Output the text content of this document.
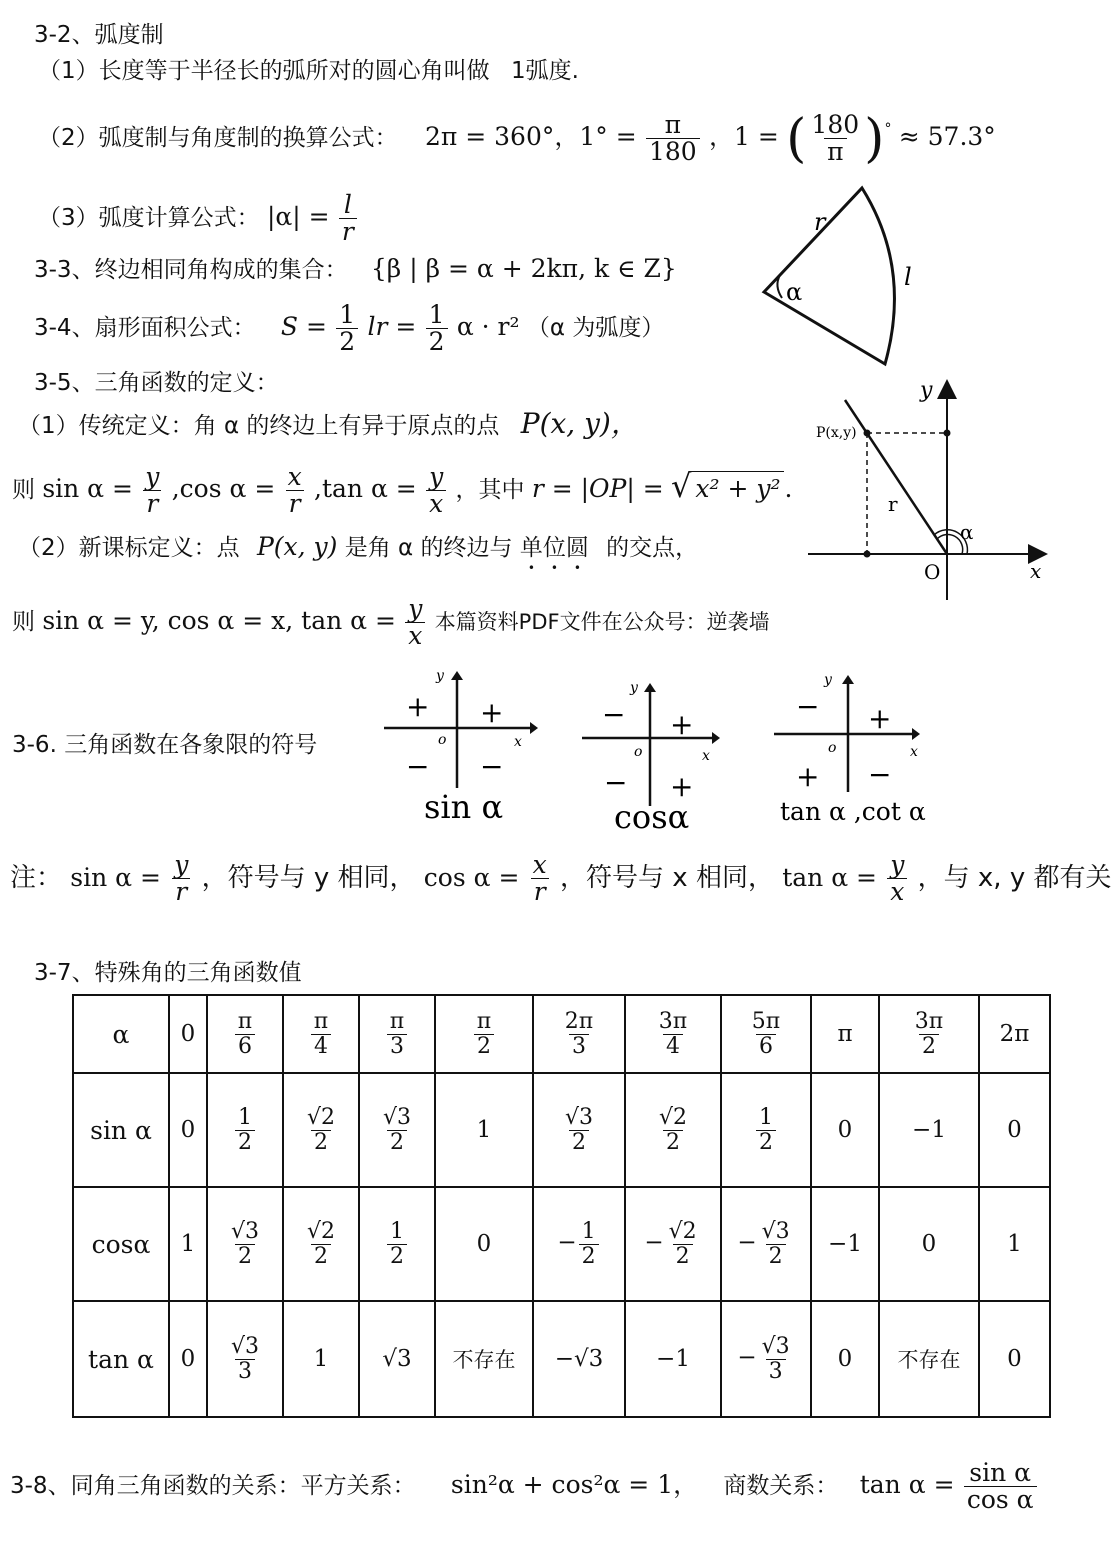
3-2、弧度制
（1）长度等于半径长的弧所对的圆心角叫做 1弧度.
（2）弧度制与角度制的换算公式： 2π = 360°，$1^\circ = \frac{\pi}{180}$ ，1 = ( $\frac{180}{\pi} )^\circ \approx 57.3^\circ$
（3）弧度计算公式： $|\alpha| = \frac{l}{r}$
3-3、终边相同角构成的集合： {β | β = α + 2kπ, k ∈ Z}
3-4、扇形面积公式： $S = \frac{1}{2}$ lr = $\frac{1}{2}$ α · r² （α 为弧度）
r
l
α
3-5、三角函数的定义：
（1）传统定义：角 α 的终边上有异于原点的点 P(x, y)，
则 $\sin \alpha = \frac{y}{r} ,\cos$ $\alpha = \frac{x}{r} ,\tan$ $\alpha = \frac{y}{x}$ ，其中 r = |OP| = √ x² + y² .
（2）新课标定义：点 P(x, y) 是角 α 的终边与 单位圆 的交点，
则 sin α = y, cos α = x, $\tan \alpha = \frac{y}{x}$ 本篇资料PDF文件在公众号：逆袭墙
P(x,y)
y
x
r
α
O
3-6. 三角函数在各象限的符号
+
+
− −
o	x
y
sin α
+
−
− +
o	x
y
cosα
+
−
+ −
o	x
y
tan α ,cot α
注： $\sin \alpha = \frac{y}{r}$ ，符号与 y 相同， $\cos \alpha = \frac{x}{r}$ ，符号与 x 相同， $\tan \alpha = \frac{y}{x}$ ，与 x, y 都有关
3-7、特殊角的三角函数值
α	0	$\frac{\pi}{6}$	$\frac{\pi}{4}$	$\frac{\pi}{3}$	$\frac{\pi}{2}$	$\frac{2\pi}{3}$	$\frac{3\pi}{4}$	$\frac{5\pi}{6}$	π	$\frac{3\pi}{2}$	2π
sin α	0	$\frac{1}{2}$	$\frac{√2}{2}$	$\frac{√3}{2}$	1	$\frac{√3}{2}$	$\frac{√2}{2}$	$\frac{1}{2}$	0	−1	0
cosα	1	$\frac{√3}{2}$	$\frac{√2}{2}$	$\frac{1}{2}$	0	− $\frac{1}{2}$	− $\frac{√2}{2}$	− $\frac{√3}{2}$	−1	0	1
tan α	0	$\frac{√3}{3}$	1	√3	不存在	−√3	−1	− $\frac{√3}{3}$	0	不存在	0
3-8、同角三角函数的关系：平方关系： sin²α + cos²α = 1， 商数关系： $\tan \alpha = \frac{\text{sin α}}{\text{cos α}}$
